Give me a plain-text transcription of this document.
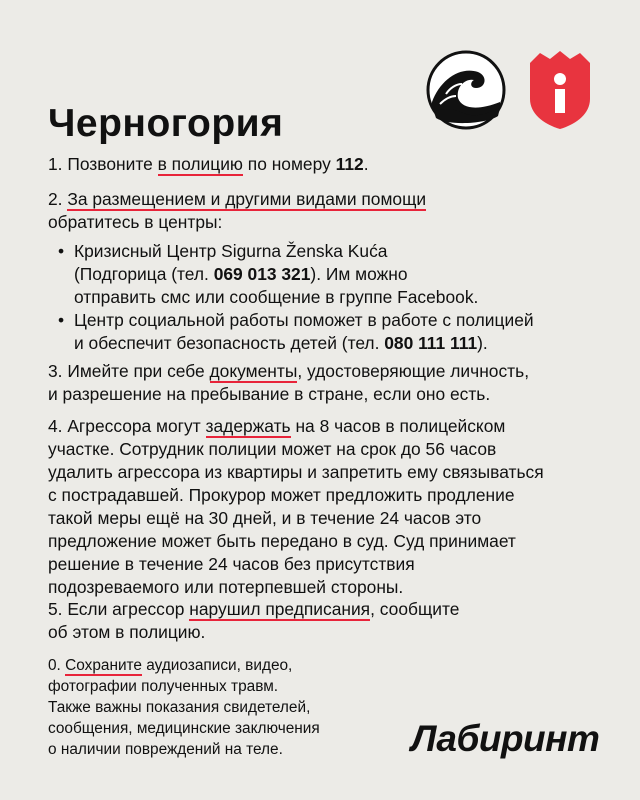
Черногория

1. Позвоните в полицию по номеру 112.

2. За размещением и другими видами помощи
обратитесь в центры:

• Кризисный Центр Sigurna Ženska Kuća
(Подгорица (тел. 069 013 321). Им можно
отправить смс или сообщение в группе Facebook.
• Центр социальной работы поможет в работе с полицией
и обеспечит безопасность детей (тел. 080 111 111).

3. Имейте при себе документы, удостоверяющие личность,
и разрешение на пребывание в стране, если оно есть.

4. Агрессора могут задержать на 8 часов в полицейском
участке. Сотрудник полиции может на срок до 56 часов
удалить агрессора из квартиры и запретить ему связываться
с пострадавшей. Прокурор может предложить продление
такой меры ещё на 30 дней, и в течение 24 часов это
предложение может быть передано в суд. Суд принимает
решение в течение 24 часов без присутствия
подозреваемого или потерпевшей стороны.

5. Если агрессор нарушил предписания, сообщите
об этом в полицию.

0. Сохраните аудиозаписи, видео,
фотографии полученных травм.
Также важны показания свидетелей,
сообщения, медицинские заключения
о наличии повреждений на теле.	Лабиринт
